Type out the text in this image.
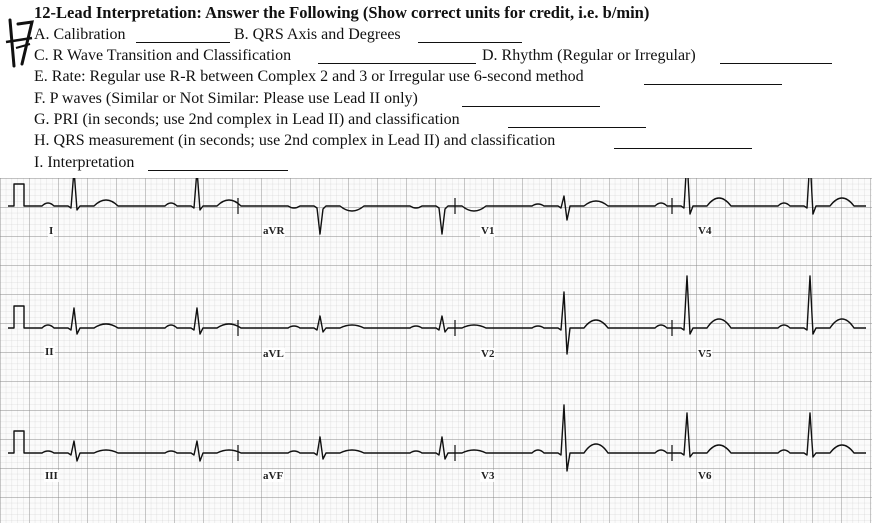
12-Lead Interpretation: Answer the Following (Show correct units for credit, i.e. b/min)
A. Calibration	B. QRS Axis and Degrees
C. R Wave Transition and Classification	D. Rhythm (Regular or Irregular)
E. Rate: Regular use R-R between Complex 2 and 3 or Irregular use 6-second method
F. P waves (Similar or Not Similar: Please use Lead II only)
G. PRI (in seconds; use 2nd complex in Lead II) and classification
H. QRS measurement (in seconds; use 2nd complex in Lead II) and classification
I. Interpretation
I	aVR	V1	V4
II	aVL	V2	V5
III	aVF	V3	V6
